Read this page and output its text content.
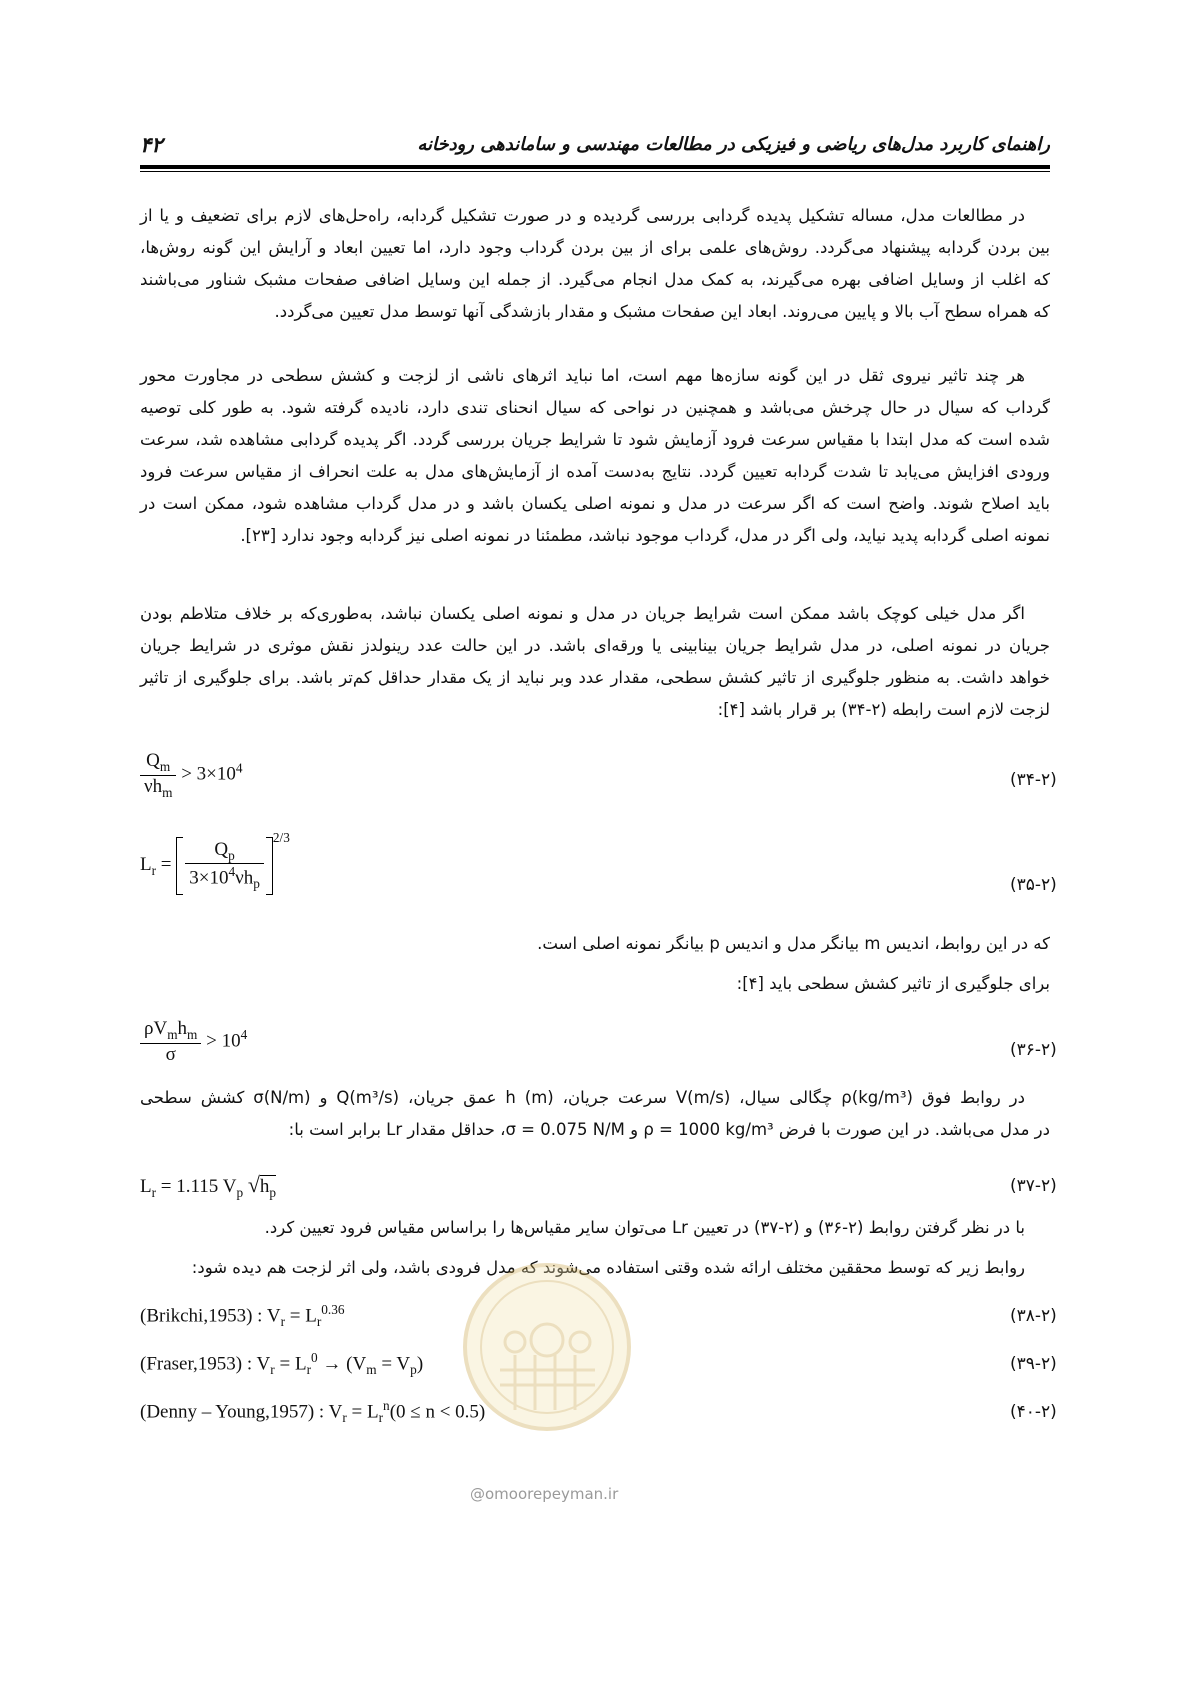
۴۲	راهنمای کاربرد مدل‌های ریاضی و فیزیکی در مطالعات مهندسی و ساماندهی رودخانه
در مطالعات مدل، مساله تشکیل پدیده گردابی بررسی گردیده و در صورت تشکیل گردابه، راه‌حل‌های لازم برای تضعیف و یا از
بین بردن گردابه پیشنهاد می‌گردد. روش‌های علمی برای از بین بردن گرداب وجود دارد، اما تعیین ابعاد و آرایش این گونه روش‌ها،
که اغلب از وسایل اضافی بهره می‌گیرند، به کمک مدل انجام می‌گیرد. از جمله این وسایل اضافی صفحات مشبک شناور می‌باشند
که همراه سطح آب بالا و پایین می‌روند. ابعاد این صفحات مشبک و مقدار بازشدگی آنها توسط مدل تعیین می‌گردد.
هر چند تاثیر نیروی ثقل در این گونه سازه‌ها مهم است، اما نباید اثرهای ناشی از لزجت و کشش سطحی در مجاورت محور
گرداب که سیال در حال چرخش می‌باشد و همچنین در نواحی که سیال انحنای تندی دارد، نادیده گرفته شود. به طور کلی توصیه
شده است که مدل ابتدا با مقیاس سرعت فرود آزمایش شود تا شرایط جریان بررسی گردد. اگر پدیده گردابی مشاهده شد، سرعت
ورودی افزایش می‌یابد تا شدت گردابه تعیین گردد. نتایج به‌دست آمده از آزمایش‌های مدل به علت انحراف از مقیاس سرعت فرود
باید اصلاح شوند. واضح است که اگر سرعت در مدل و نمونه اصلی یکسان باشد و در مدل گرداب مشاهده شود، ممکن است در
نمونه اصلی گردابه پدید نیاید، ولی اگر در مدل، گرداب موجود نباشد، مطمئنا در نمونه اصلی نیز گردابه وجود ندارد [۲۳].
اگر مدل خیلی کوچک باشد ممکن است شرایط جریان در مدل و نمونه اصلی یکسان نباشد، به‌طوری‌که بر خلاف متلاطم بودن
جریان در نمونه اصلی، در مدل شرایط جریان بینابینی یا ورقه‌ای باشد. در این حالت عدد رینولدز نقش موثری در شرایط جریان
خواهد داشت. به منظور جلوگیری از تاثیر کشش سطحی، مقدار عدد وبر نباید از یک مقدار حداقل کم‌تر باشد. برای جلوگیری از تاثیر
لزجت لازم است رابطه (۲-۳۴) بر قرار باشد [۴]:
$\frac{Q_m}{\nu h_m} > 3\times 10^4$
(۳۴-۲)
$L_r = \frac{Q_p}{3\times 10^4\nu h_p}$
$^{2/3}$
(۳۵-۲)
که در این روابط، اندیس m بیانگر مدل و اندیس p بیانگر نمونه اصلی است.
برای جلوگیری از تاثیر کشش سطحی باید [۴]:
$\frac{\rho V_mh_m}{\sigma} > 10^4$
(۳۶-۲)
در روابط فوق (ρ(kg/m³ چگالی سیال، (V(m/s سرعت جریان، (h (m عمق جریان، (Q(m³/s و (σ(N/m کشش سطحی
در مدل می‌باشد. در این صورت با فرض ρ = 1000 kg/m³ و σ = 0.075 N/M، حداقل مقدار Lr برابر است با:
$L_r = 1.115$ $V_p$ $√h_p$	(۳۷-۲)
با در نظر گرفتن روابط (۲-۳۶) و (۲-۳۷) در تعیین Lr می‌توان سایر مقیاس‌ها را براساس مقیاس فرود تعیین کرد.
روابط زیر که توسط محققین مختلف ارائه شده وقتی استفاده می‌شوند که مدل فرودی باشد، ولی اثر لزجت هم دیده شود:
(Brikchi,1953) : $V_r = L_r^{0.36}$	(۳۸-۲)
(Fraser,1953) : $V_r = L_r^0 \to (V_m = V_p)$	(۳۹-۲)
(Denny – Young,1957) : $V_r = L_r^n(0 \le n < 0.5)$	(۴۰-۲)
@omoorepeyman.ir
